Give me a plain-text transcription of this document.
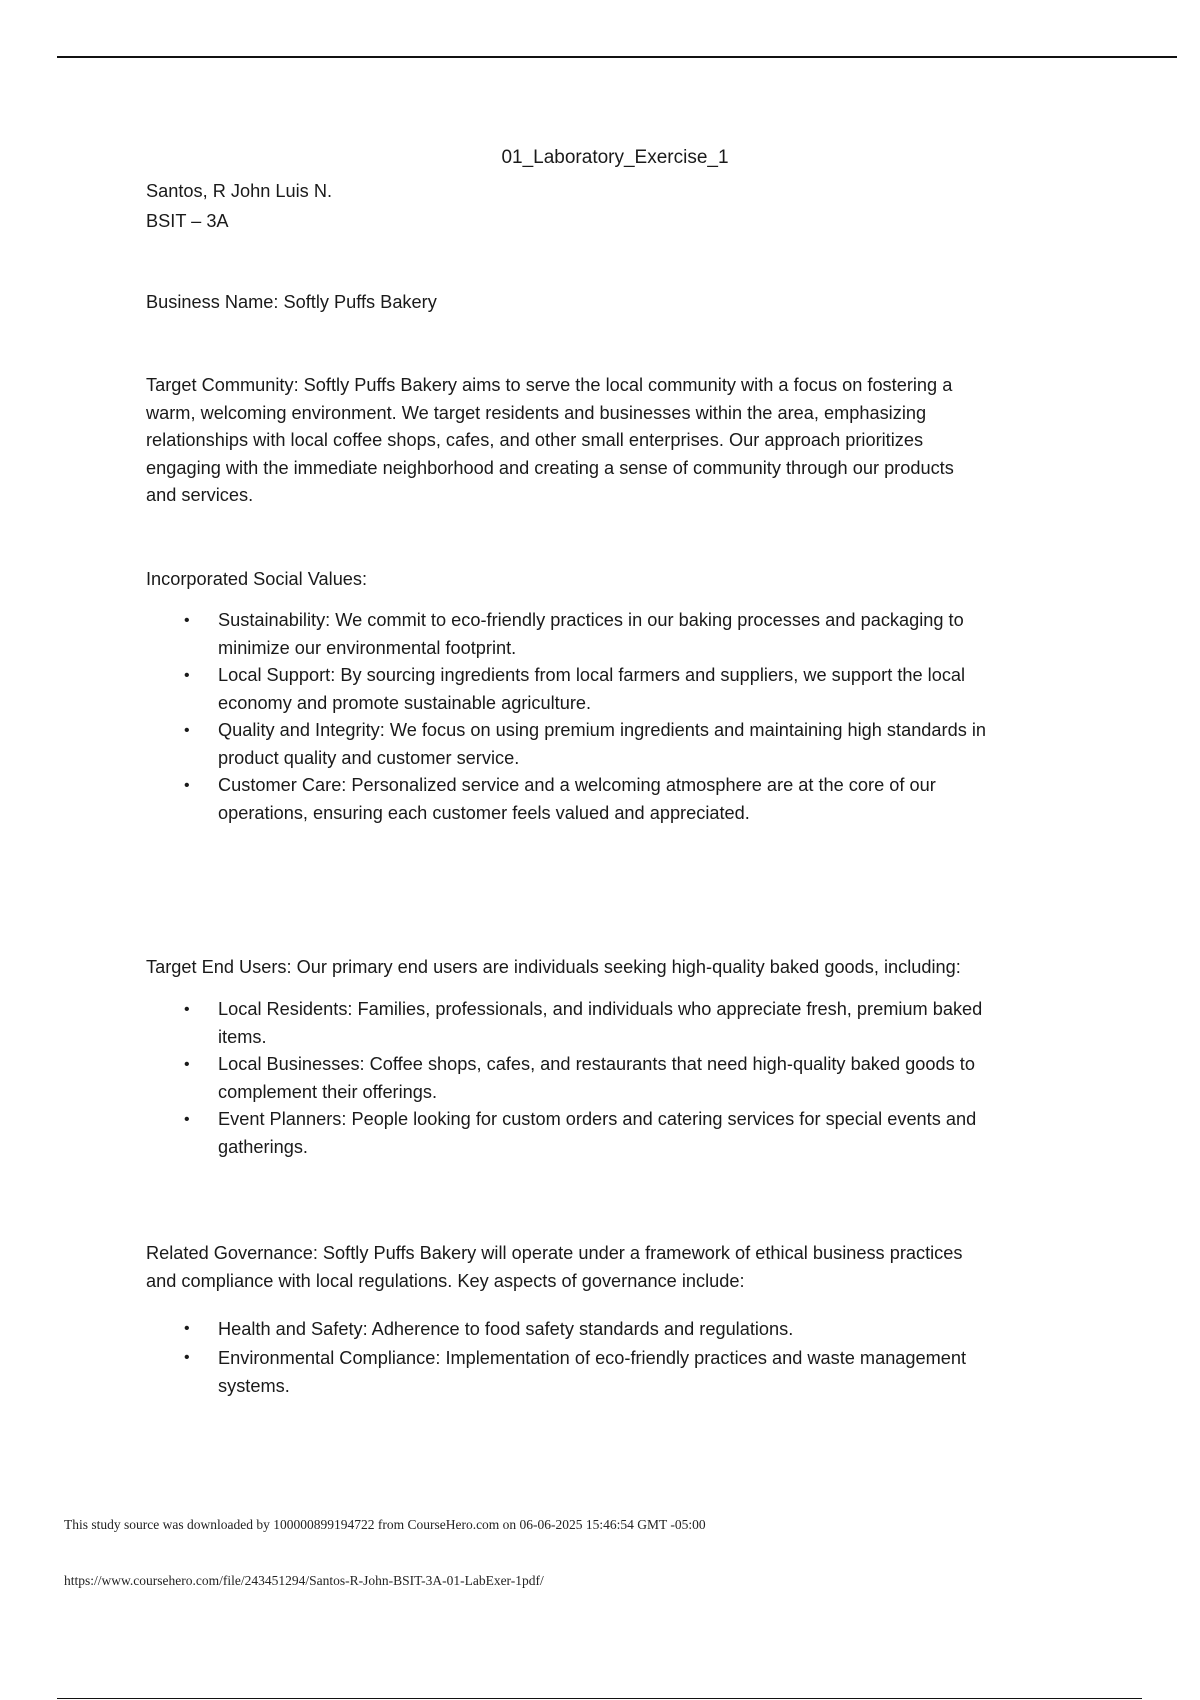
01_Laboratory_Exercise_1
Santos, R John Luis N.
BSIT – 3A
Business Name: Softly Puffs Bakery
Target Community: Softly Puffs Bakery aims to serve the local community with a focus on fostering a
warm, welcoming environment. We target residents and businesses within the area, emphasizing
relationships with local coffee shops, cafes, and other small enterprises. Our approach prioritizes
engaging with the immediate neighborhood and creating a sense of community through our products
and services.
Incorporated Social Values:
• Sustainability: We commit to eco-friendly practices in our baking processes and packaging to
minimize our environmental footprint.
• Local Support: By sourcing ingredients from local farmers and suppliers, we support the local
economy and promote sustainable agriculture.
• Quality and Integrity: We focus on using premium ingredients and maintaining high standards in
product quality and customer service.
• Customer Care: Personalized service and a welcoming atmosphere are at the core of our
operations, ensuring each customer feels valued and appreciated.
Target End Users: Our primary end users are individuals seeking high-quality baked goods, including:
• Local Residents: Families, professionals, and individuals who appreciate fresh, premium baked
items.
• Local Businesses: Coffee shops, cafes, and restaurants that need high-quality baked goods to
complement their offerings.
• Event Planners: People looking for custom orders and catering services for special events and
gatherings.
Related Governance: Softly Puffs Bakery will operate under a framework of ethical business practices
and compliance with local regulations. Key aspects of governance include:
• Health and Safety: Adherence to food safety standards and regulations.
• Environmental Compliance: Implementation of eco-friendly practices and waste management
systems.
This study source was downloaded by 100000899194722 from CourseHero.com on 06-06-2025 15:46:54 GMT -05:00
https://www.coursehero.com/file/243451294/Santos-R-John-BSIT-3A-01-LabExer-1pdf/
